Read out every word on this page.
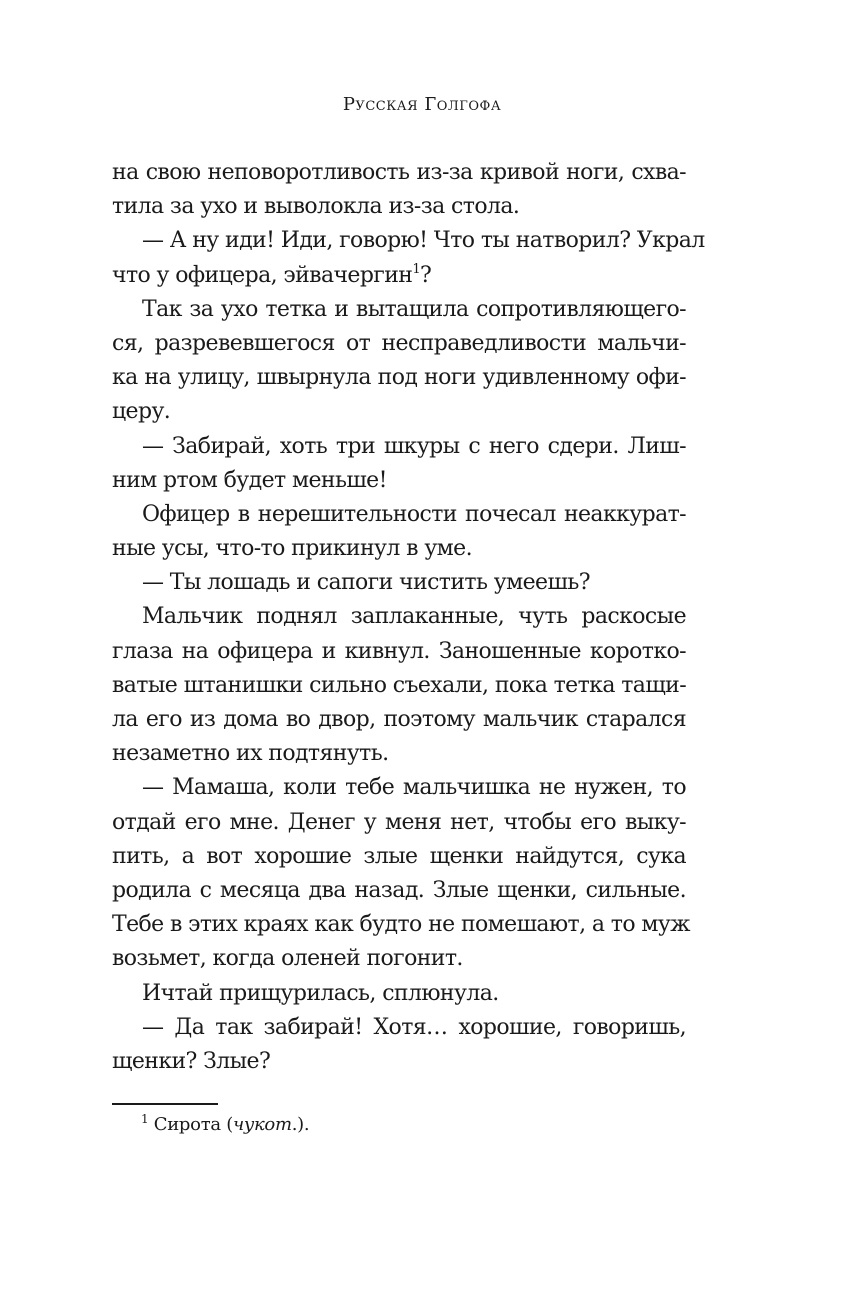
Русская Голгофа
на свою неповоротливость из-за кривой ноги, схва-
тила за ухо и выволокла из-за стола.
— А ну иди! Иди, говорю! Что ты натворил? Украл
что у офицера, эйвачергин$^1$?
Так за ухо тетка и вытащила сопротивляющего-
ся, разревевшегося от несправедливости мальчи-
ка на улицу, швырнула под ноги удивленному офи-
церу.
— Забирай, хоть три шкуры с него сдери. Лиш-
ним ртом будет меньше!
Офицер в нерешительности почесал неаккурат-
ные усы, что-то прикинул в уме.
— Ты лошадь и сапоги чистить умеешь?
Мальчик поднял заплаканные, чуть раскосые
глаза на офицера и кивнул. Заношенные коротко-
ватые штанишки сильно съехали, пока тетка тащи-
ла его из дома во двор, поэтому мальчик старался
незаметно их подтянуть.
— Мамаша, коли тебе мальчишка не нужен, то
отдай его мне. Денег у меня нет, чтобы его выку-
пить, а вот хорошие злые щенки найдутся, сука
родила с месяца два назад. Злые щенки, сильные.
Тебе в этих краях как будто не помешают, а то муж
возьмет, когда оленей погонит.
Ичтай прищурилась, сплюнула.
— Да так забирай! Хотя… хорошие, говоришь,
щенки? Злые?
$^1$ Сирота (чукот.).
